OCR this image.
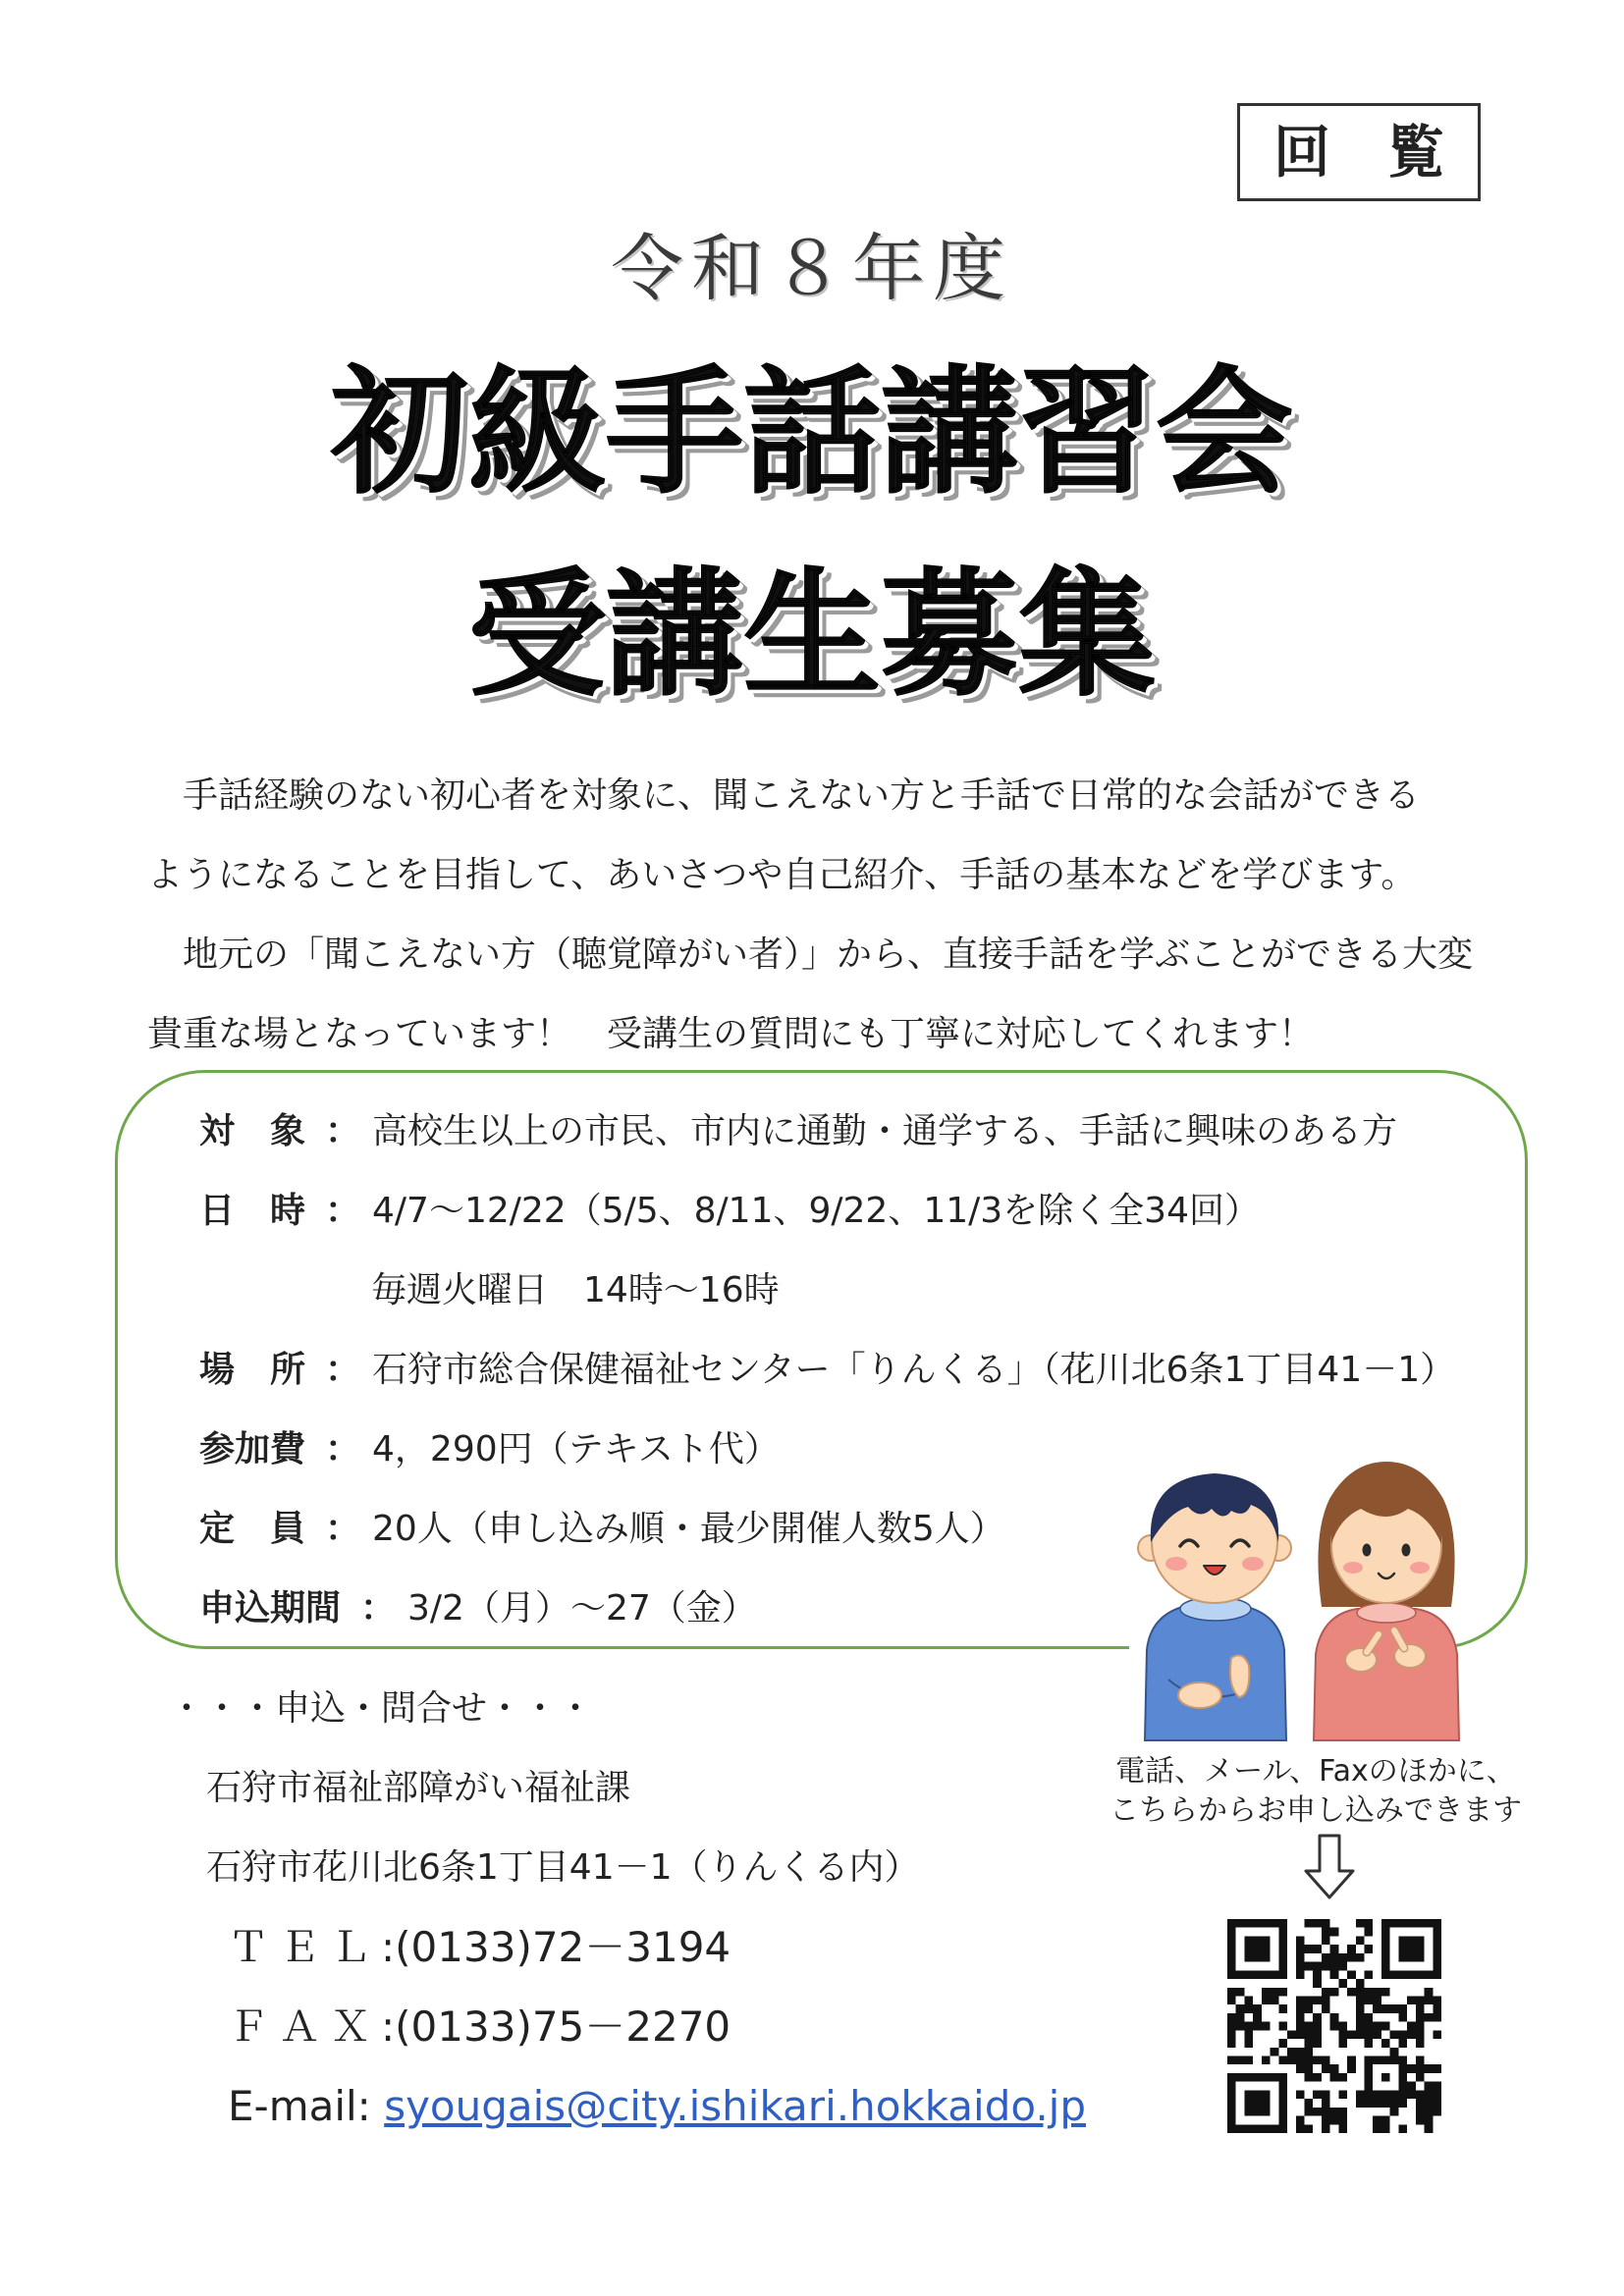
回　覧
令和８年度
初級手話講習会
受講生募集
手話経験のない初心者を対象に、聞こえない方と手話で日常的な会話ができる
ようになることを目指して、あいさつや自己紹介、手話の基本などを学びます。
地元の「聞こえない方（聴覚障がい者）」から、直接手話を学ぶことができる大変
貴重な場となっています！　受講生の質問にも丁寧に対応してくれます！
対　象 ： 高校生以上の市民、市内に通勤・通学する、手話に興味のある方
日　時 ： 4/7～12/22（5/5、8/11、9/22、11/3を除く全34回）
毎週火曜日　14時～16時
場　所 ： 石狩市総合保健福祉センター「りんくる」（花川北6条1丁目41－1）
参加費 ： 4，290円（テキスト代）
定　員 ： 20人（申し込み順・最少開催人数5人）
申込期間 ： 3/2（月）～27（金）
・・・申込・問合せ・・・
石狩市福祉部障がい福祉課
石狩市花川北6条1丁目41－1（りんくる内）
ＴＥＬ:(0133)72－3194
ＦＡＸ:(0133)75－2270
E-mail: syougais@city.ishikari.hokkaido.jp
電話、メール、Faxのほかに、
こちらからお申し込みできます
